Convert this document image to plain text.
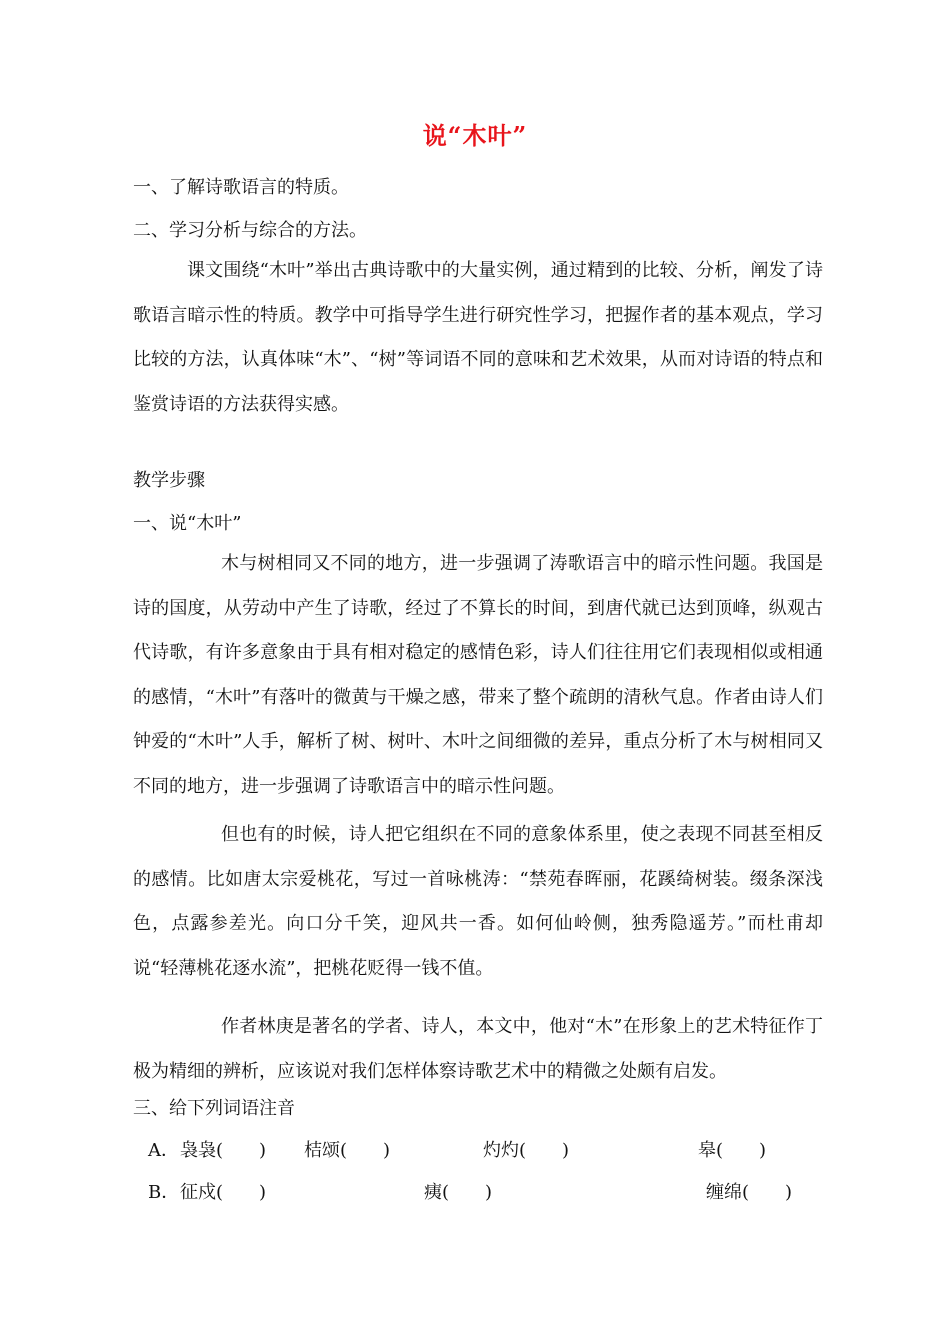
说“木叶”
一、了解诗歌语言的特质。
二、学习分析与综合的方法。
课文围绕“木叶”举出古典诗歌中的大量实例，通过精到的比较、分析，阐发了诗歌语言暗示性的特质。教学中可指导学生进行研究性学习，把握作者的基本观点，学习比较的方法，认真体味“木”、“树”等词语不同的意味和艺术效果，从而对诗语的特点和鉴赏诗语的方法获得实感。
教学步骤
一、说“木叶”
木与树相同又不同的地方，进一步强调了涛歌语言中的暗示性问题。我国是诗的国度，从劳动中产生了诗歌，经过了不算长的时间，到唐代就已达到顶峰，纵观古代诗歌，有许多意象由于具有相对稳定的感情色彩，诗人们往往用它们表现相似或相通的感情，“木叶”有落叶的微黄与干燥之感，带来了整个疏朗的清秋气息。作者由诗人们钟爱的“木叶”人手，解析了树、树叶、木叶之间细微的差异，重点分析了木与树相同又不同的地方，进一步强调了诗歌语言中的暗示性问题。
但也有的时候，诗人把它组织在不同的意象体系里，使之表现不同甚至相反的感情。比如唐太宗爱桃花，写过一首咏桃涛：“禁苑春晖丽，花蹊绮树装。缀条深浅色，点露参差光。向口分千笑，迎风共一香。如何仙岭侧，独秀隐遥芳。”而杜甫却说“轻薄桃花逐水流”，把桃花贬得一钱不值。
作者林庚是著名的学者、诗人，本文中，他对“木”在形象上的艺术特征作丁极为精细的辨析，应该说对我们怎样体察诗歌艺术中的精微之处颇有启发。
三、给下列词语注音
A． 袅袅(　　) 桔颂(　　)	灼灼(　　)	皋(　　)
B． 征戍(　　)	痍(　　)	缠绵(　　)
